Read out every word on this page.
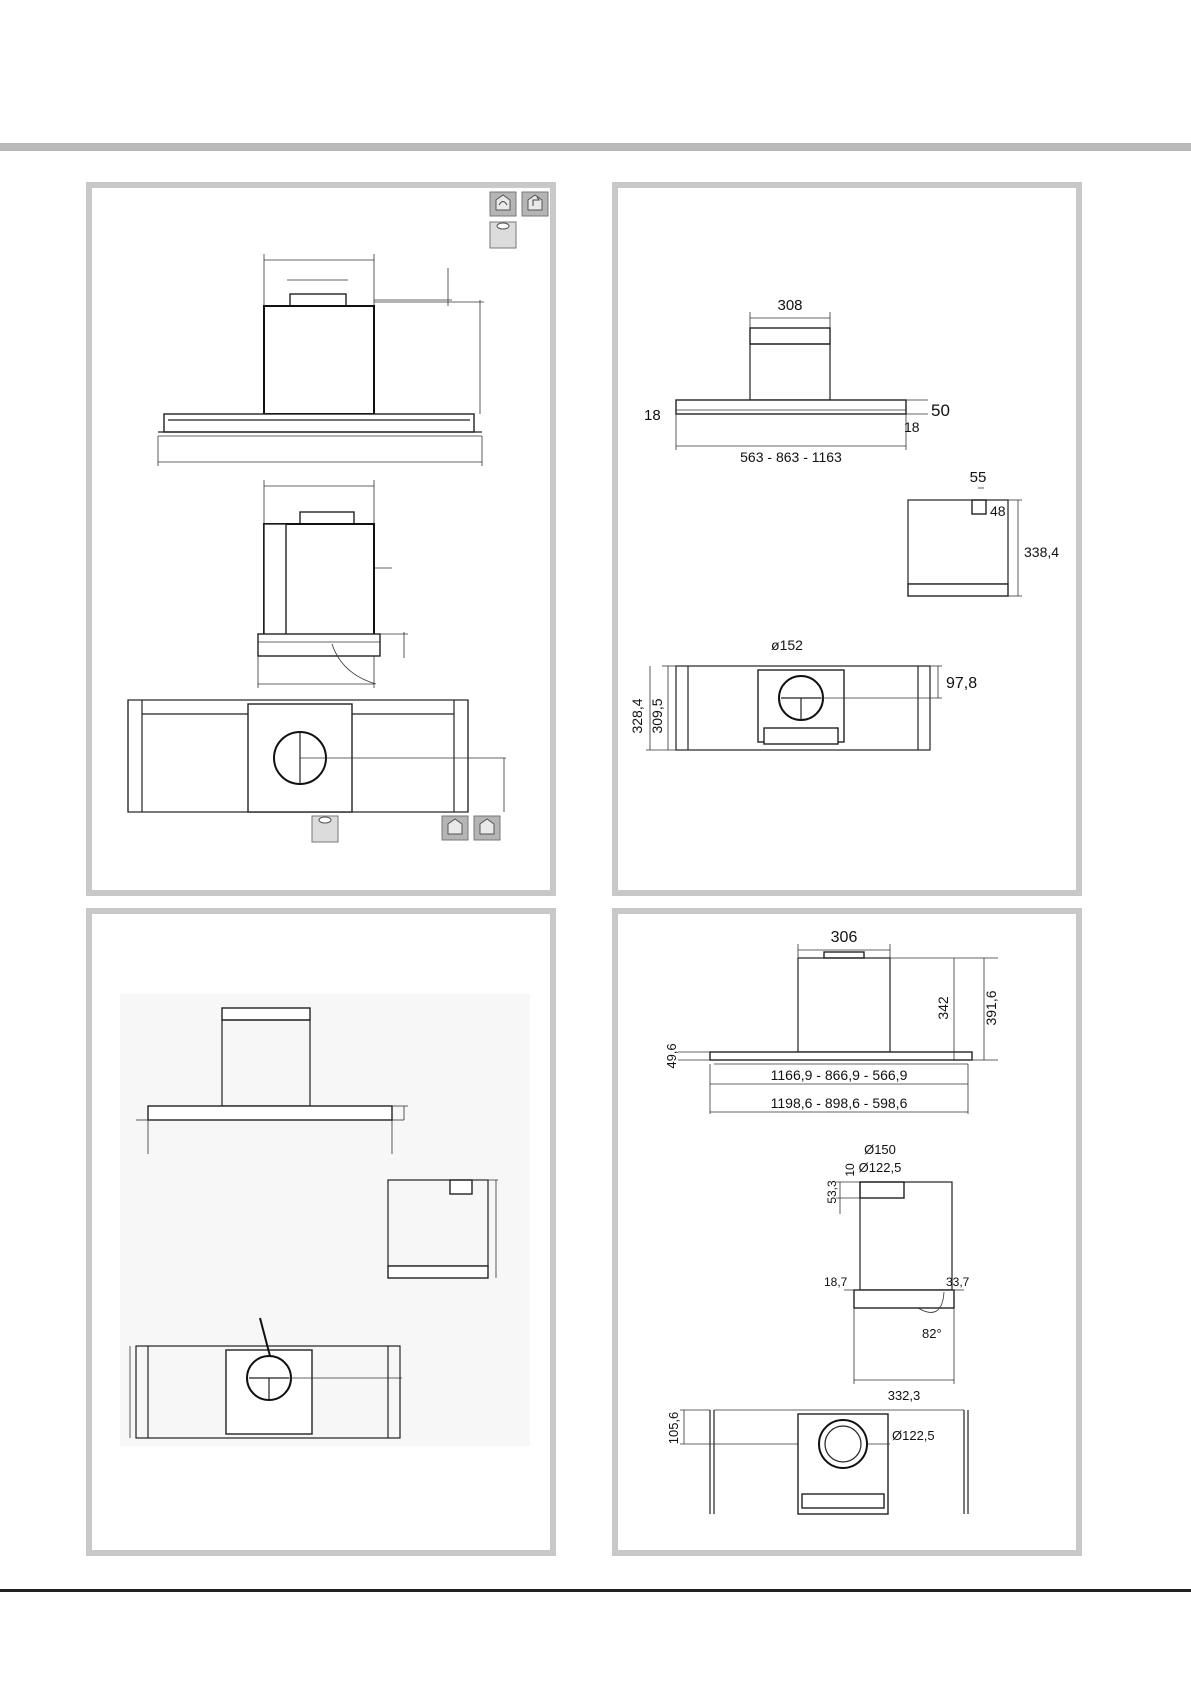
308
18	50
18
563 - 863 - 1163
55
48
338,4
ø152
97,8
328,4 309,5
306
342 391,6
49,6
1166,9 - 866,9 - 566,9
1198,6 - 898,6 - 598,6
Ø150
Ø122,5
10
53,3
18,7	33,7
82°
332,3
105,6	Ø122,5
